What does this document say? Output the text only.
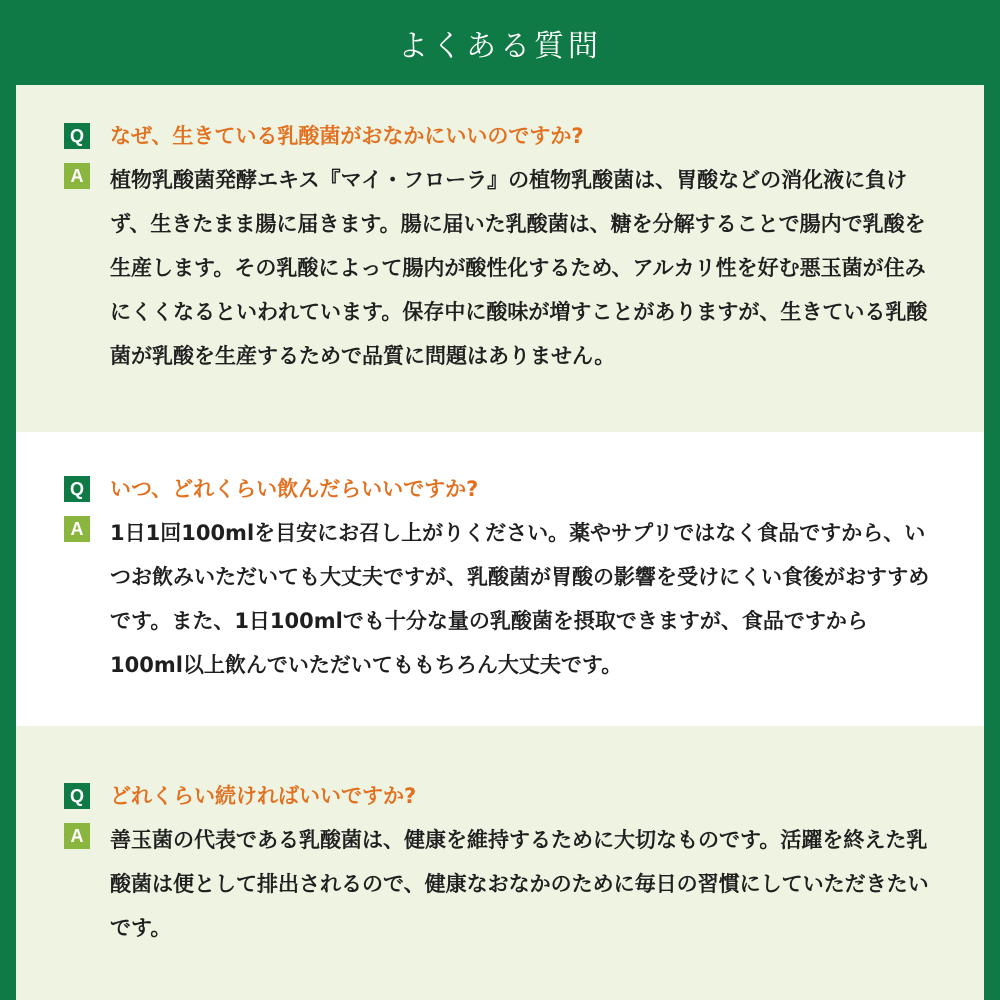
よくある質問
Q なぜ、生きている乳酸菌がおなかにいいのですか?
A	植物乳酸菌発酵エキス『マイ・フローラ』の植物乳酸菌は、胃酸などの消化液に負けず、生きたまま腸に届きます。腸に届いた乳酸菌は、糖を分解することで腸内で乳酸を生産します。その乳酸によって腸内が酸性化するため、アルカリ性を好む悪玉菌が住みにくくなるといわれています。保存中に酸味が増すことがありますが、生きている乳酸菌が乳酸を生産するためで品質に問題はありません。
Q いつ、どれくらい飲んだらいいですか?
A	1日1回100mlを目安にお召し上がりください。薬やサプリではなく食品ですから、いつお飲みいただいても大丈夫ですが、乳酸菌が胃酸の影響を受けにくい食後がおすすめです。また、1日100mlでも十分な量の乳酸菌を摂取できますが、食品ですから100ml以上飲んでいただいてももちろん大丈夫です。
Q どれくらい続ければいいですか?
A	善玉菌の代表である乳酸菌は、健康を維持するために大切なものです。活躍を終えた乳酸菌は便として排出されるので、健康なおなかのために毎日の習慣にしていただきたいです。
